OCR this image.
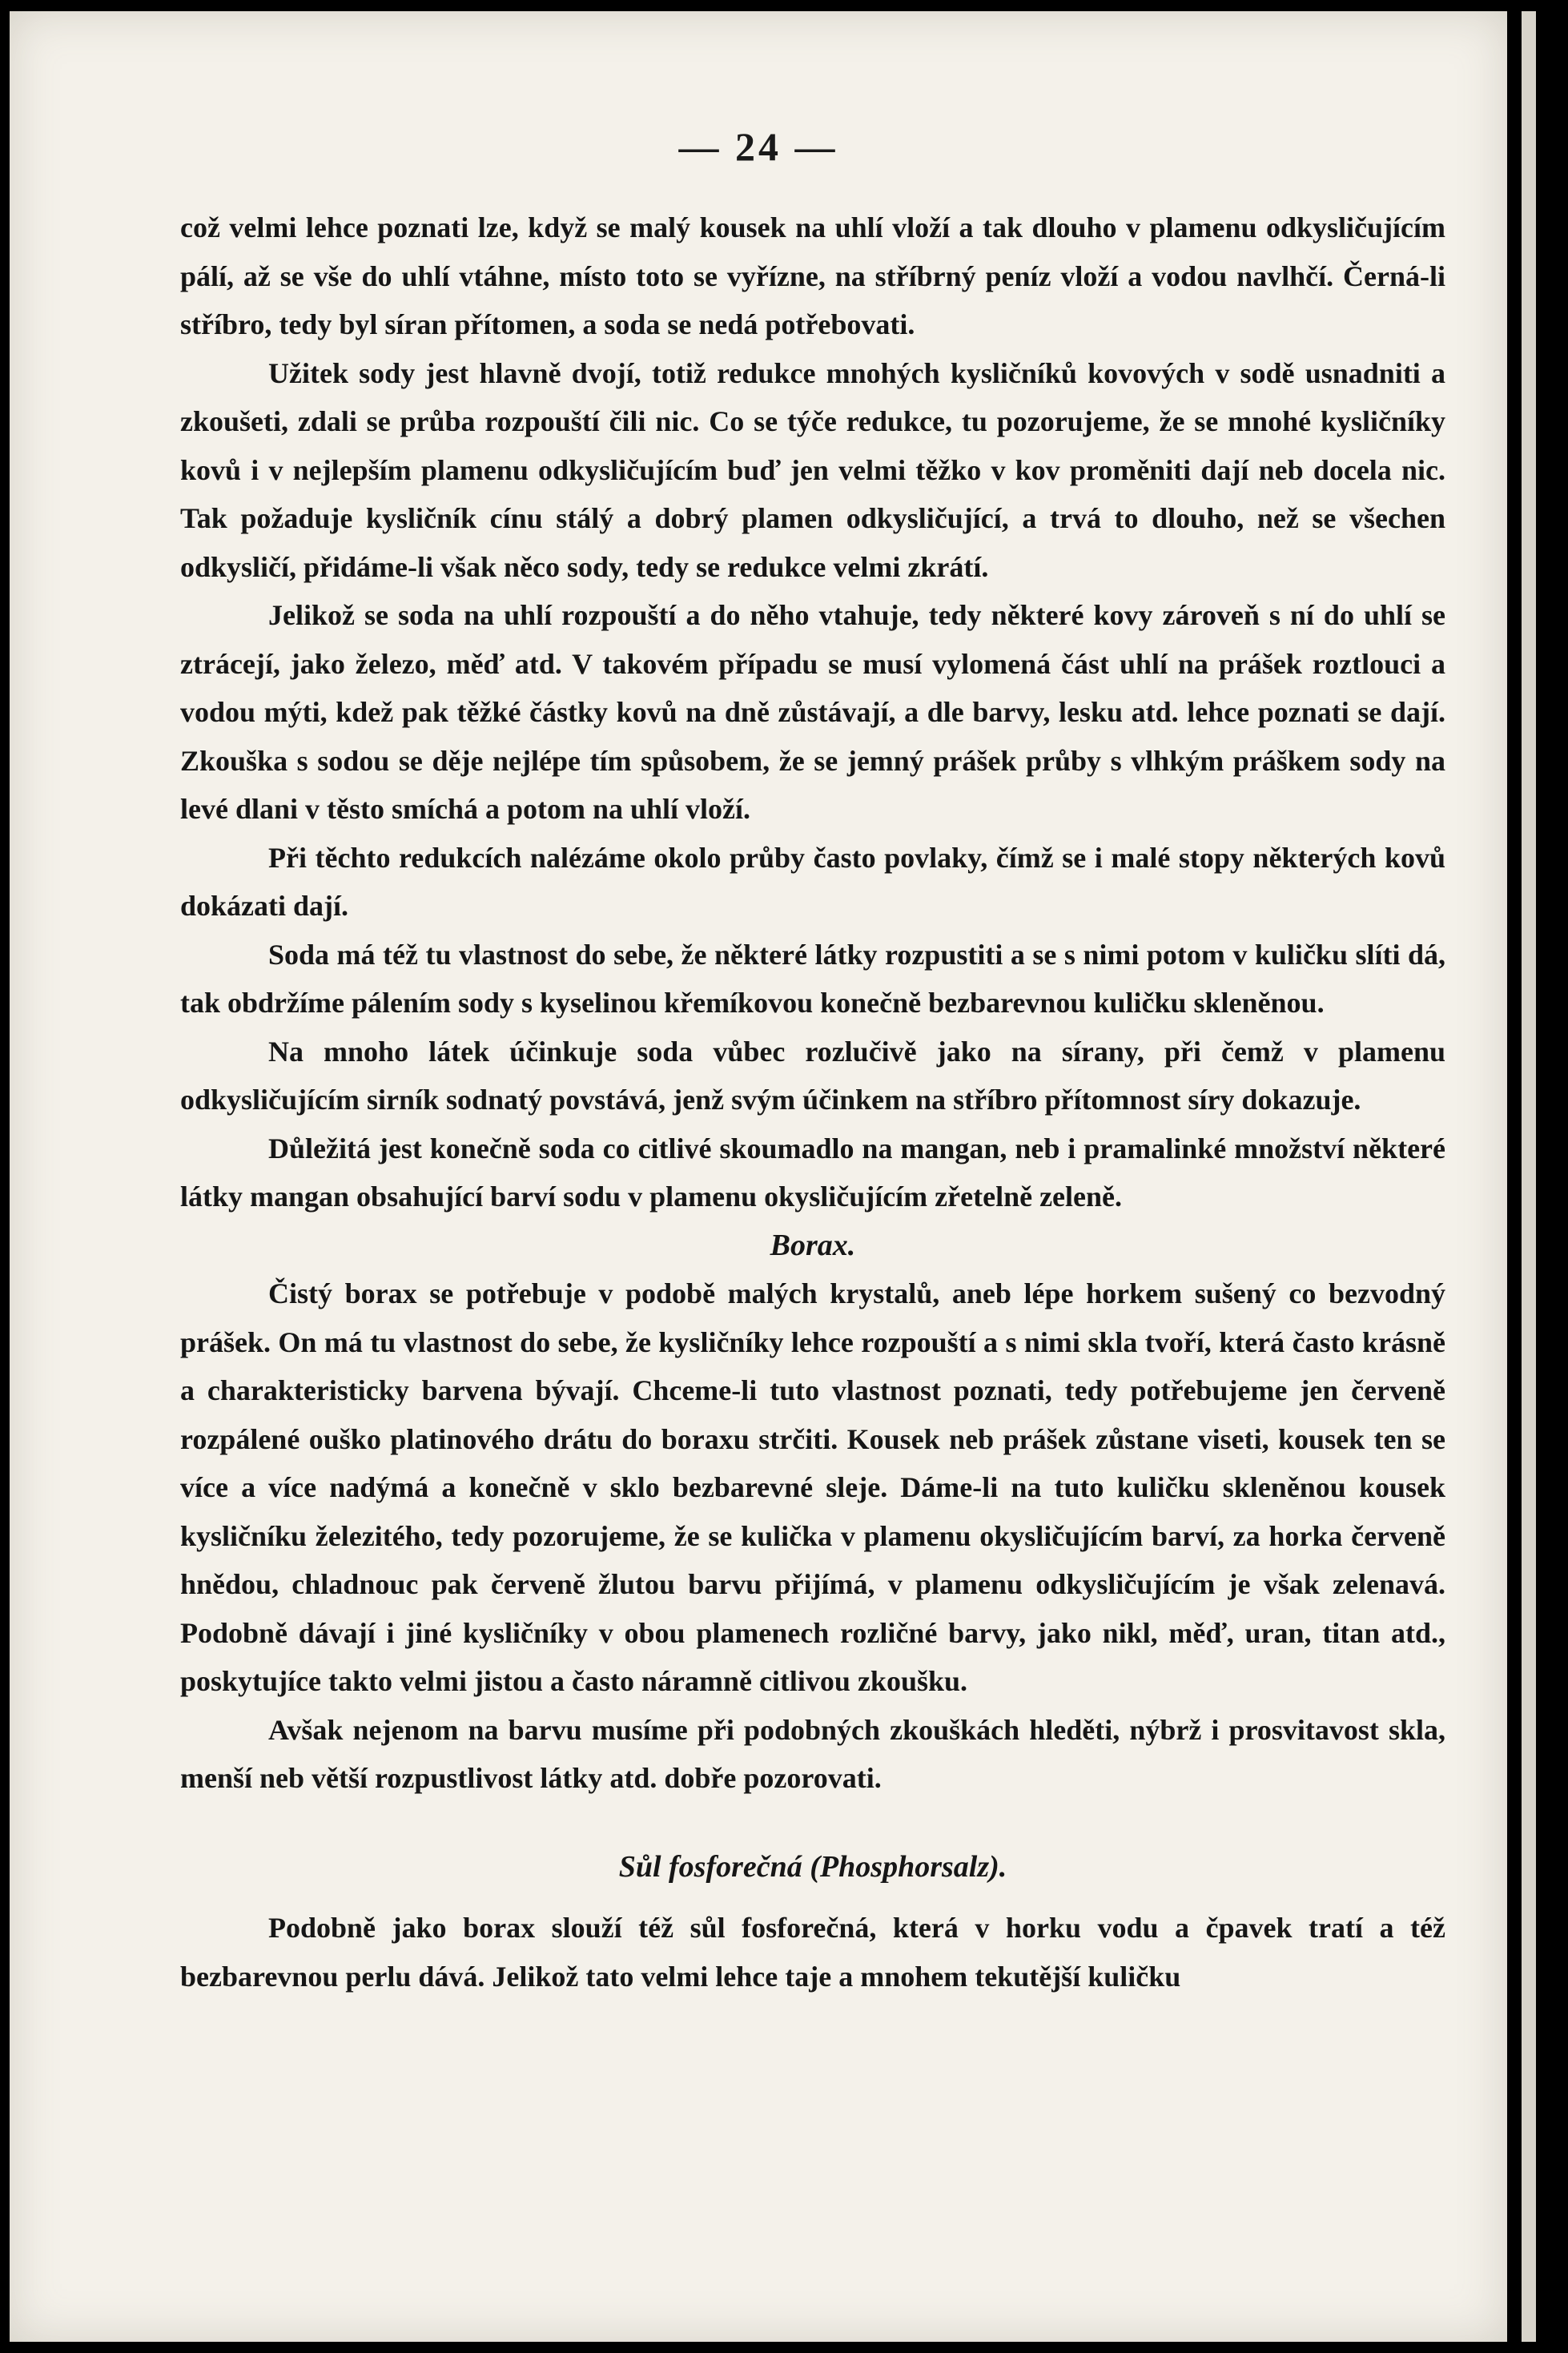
— 24 —

což velmi lehce poznati lze, když se malý kousek na uhlí vloží a tak dlouho v plamenu odkysličujícím pálí, až se vše do uhlí vtáhne, místo toto se vyřízne, na stříbrný peníz vloží a vodou navlhčí. Černá-li stříbro, tedy byl síran přítomen, a soda se nedá potřebovati.

Užitek sody jest hlavně dvojí, totiž redukce mnohých kysličníků kovových v sodě usnadniti a zkoušeti, zdali se průba rozpouští čili nic. Co se týče redukce, tu pozorujeme, že se mnohé kysličníky kovů i v nejlepším plamenu odkysličujícím buď jen velmi těžko v kov proměniti dají neb docela nic. Tak požaduje kysličník cínu stálý a dobrý plamen odkysličující, a trvá to dlouho, než se všechen odkysličí, přidáme-li však něco sody, tedy se redukce velmi zkrátí.

Jelikož se soda na uhlí rozpouští a do něho vtahuje, tedy některé kovy zároveň s ní do uhlí se ztrácejí, jako železo, měď atd. V takovém případu se musí vylomená část uhlí na prášek roztlouci a vodou mýti, kdež pak těžké částky kovů na dně zůstávají, a dle barvy, lesku atd. lehce poznati se dají. Zkouška s sodou se děje nejlépe tím spůsobem, že se jemný prášek průby s vlhkým práškem sody na levé dlani v těsto smíchá a potom na uhlí vloží.

Při těchto redukcích nalézáme okolo průby často povlaky, čímž se i malé stopy některých kovů dokázati dají.

Soda má též tu vlastnost do sebe, že některé látky rozpustiti a se s nimi potom v kuličku slíti dá, tak obdržíme pálením sody s kyselinou křemíkovou konečně bezbarevnou kuličku skleněnou.

Na mnoho látek účinkuje soda vůbec rozlučivě jako na sírany, při čemž v plamenu odkysličujícím sirník sodnatý povstává, jenž svým účinkem na stříbro přítomnost síry dokazuje.

Důležitá jest konečně soda co citlivé skoumadlo na mangan, neb i pramalinké množství některé látky mangan obsahující barví sodu v plamenu okysličujícím zřetelně zeleně.

Borax.

Čistý borax se potřebuje v podobě malých krystalů, aneb lépe horkem sušený co bezvodný prášek. On má tu vlastnost do sebe, že kysličníky lehce rozpouští a s nimi skla tvoří, která často krásně a charakteristicky barvena bývají. Chceme-li tuto vlastnost poznati, tedy potřebujeme jen červeně rozpálené ouško platinového drátu do boraxu strčiti. Kousek neb prášek zůstane viseti, kousek ten se více a více nadýmá a konečně v sklo bezbarevné sleje. Dáme-li na tuto kuličku skleněnou kousek kysličníku železitého, tedy pozorujeme, že se kulička v plamenu okysličujícím barví, za horka červeně hnědou, chladnouc pak červeně žlutou barvu přijímá, v plamenu odkysličujícím je však zelenavá. Podobně dávají i jiné kysličníky v obou plamenech rozličné barvy, jako nikl, měď, uran, titan atd., poskytujíce takto velmi jistou a často náramně citlivou zkoušku.

Avšak nejenom na barvu musíme při podobných zkouškách hleděti, nýbrž i prosvitavost skla, menší neb větší rozpustlivost látky atd. dobře pozorovati.

Sůl fosforečná (Phosphorsalz).

Podobně jako borax slouží též sůl fosforečná, která v horku vodu a čpavek tratí a též bezbarevnou perlu dává. Jelikož tato velmi lehce taje a mnohem tekutější kuličku
